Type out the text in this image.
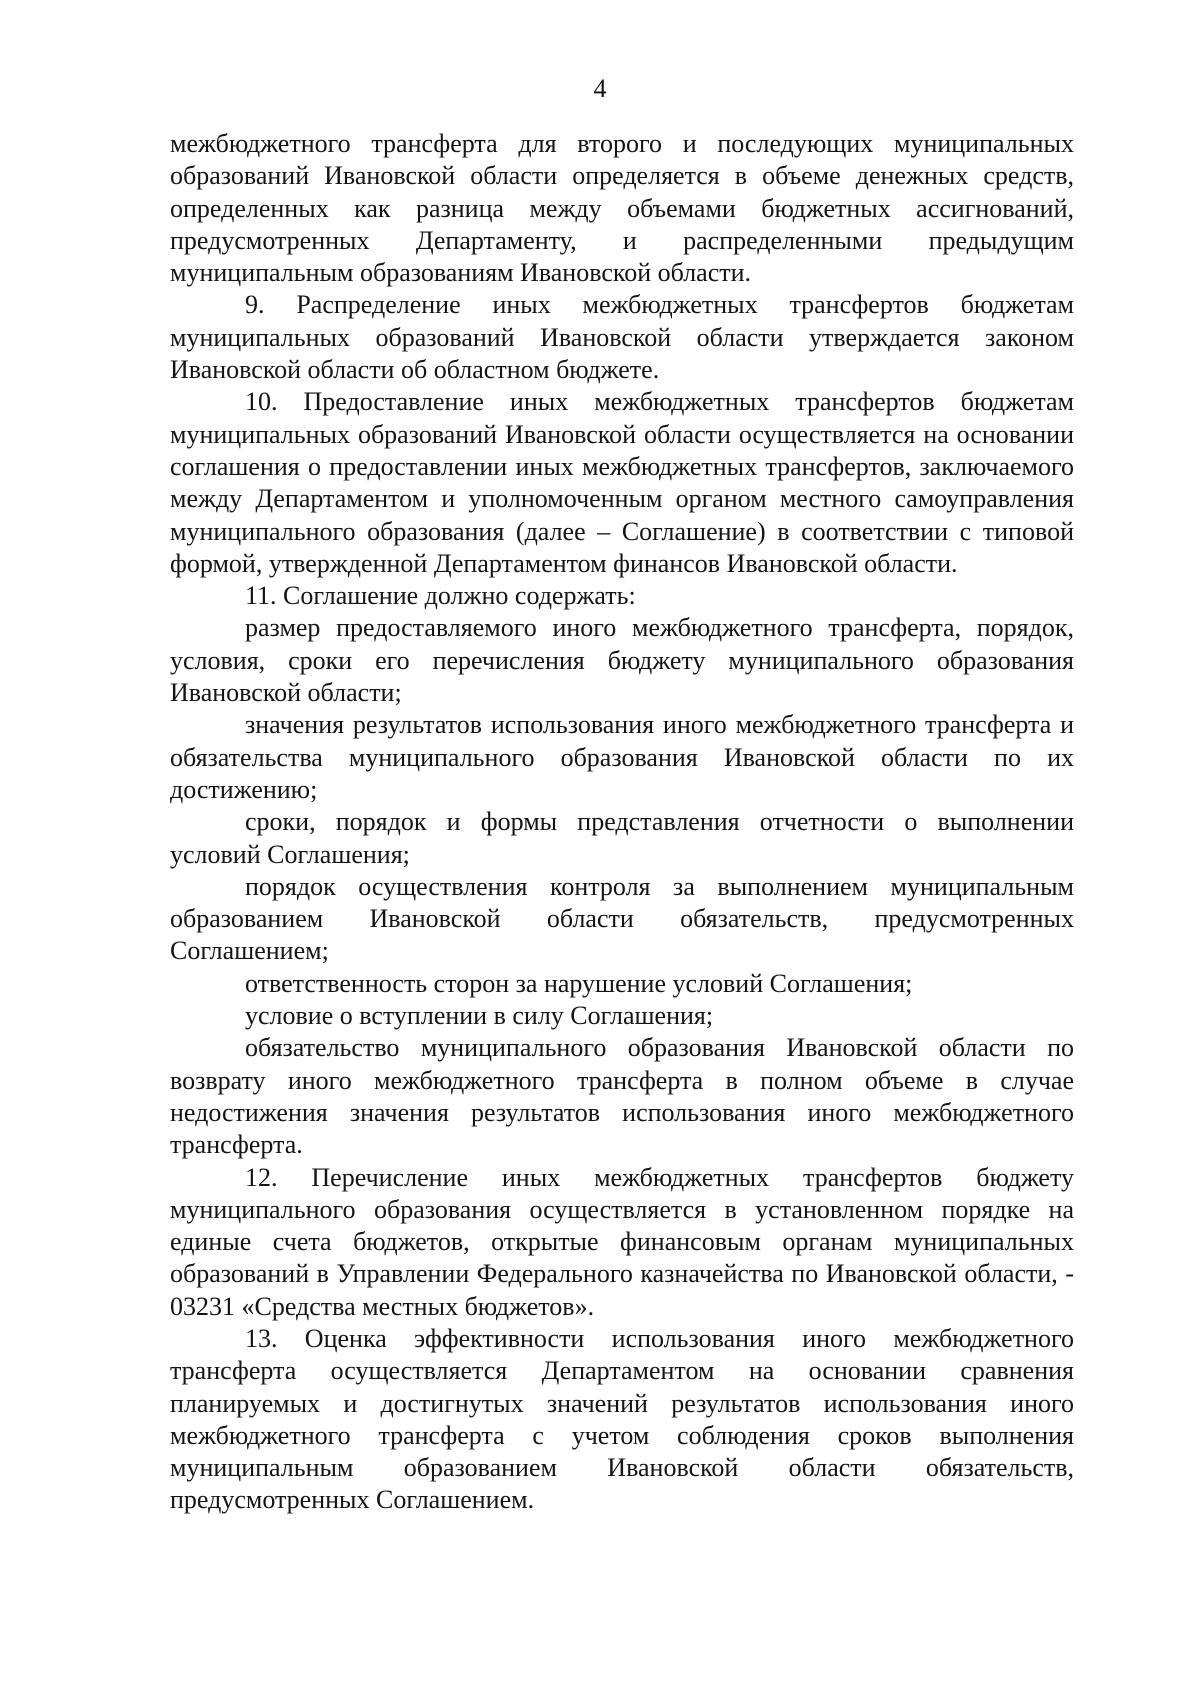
4

межбюджетного трансферта для второго и последующих муниципальных образований Ивановской области определяется в объеме денежных средств, определенных как разница между объемами бюджетных ассигнований, предусмотренных Департаменту, и распределенными предыдущим муниципальным образованиям Ивановской области.

9. Распределение иных межбюджетных трансфертов бюджетам муниципальных образований Ивановской области утверждается законом Ивановской области об областном бюджете.

10. Предоставление иных межбюджетных трансфертов бюджетам муниципальных образований Ивановской области осуществляется на основании соглашения о предоставлении иных межбюджетных трансфертов, заключаемого между Департаментом и уполномоченным органом местного самоуправления муниципального образования (далее – Соглашение) в соответствии с типовой формой, утвержденной Департаментом финансов Ивановской области.

11. Соглашение должно содержать:

размер предоставляемого иного межбюджетного трансферта, порядок, условия, сроки его перечисления бюджету муниципального образования Ивановской области;

значения результатов использования иного межбюджетного трансферта и обязательства муниципального образования Ивановской области по их достижению;

сроки, порядок и формы представления отчетности о выполнении условий Соглашения;

порядок осуществления контроля за выполнением муниципальным образованием Ивановской области обязательств, предусмотренных Соглашением;

ответственность сторон за нарушение условий Соглашения;

условие о вступлении в силу Соглашения;

обязательство муниципального образования Ивановской области по возврату иного межбюджетного трансферта в полном объеме в случае недостижения значения результатов использования иного межбюджетного трансферта.

12. Перечисление иных межбюджетных трансфертов бюджету муниципального образования осуществляется в установленном порядке на единые счета бюджетов, открытые финансовым органам муниципальных образований в Управлении Федерального казначейства по Ивановской области, - 03231 «Средства местных бюджетов».

13. Оценка эффективности использования иного межбюджетного трансферта осуществляется Департаментом на основании сравнения планируемых и достигнутых значений результатов использования иного межбюджетного трансферта с учетом соблюдения сроков выполнения муниципальным образованием Ивановской области обязательств, предусмотренных Соглашением.
